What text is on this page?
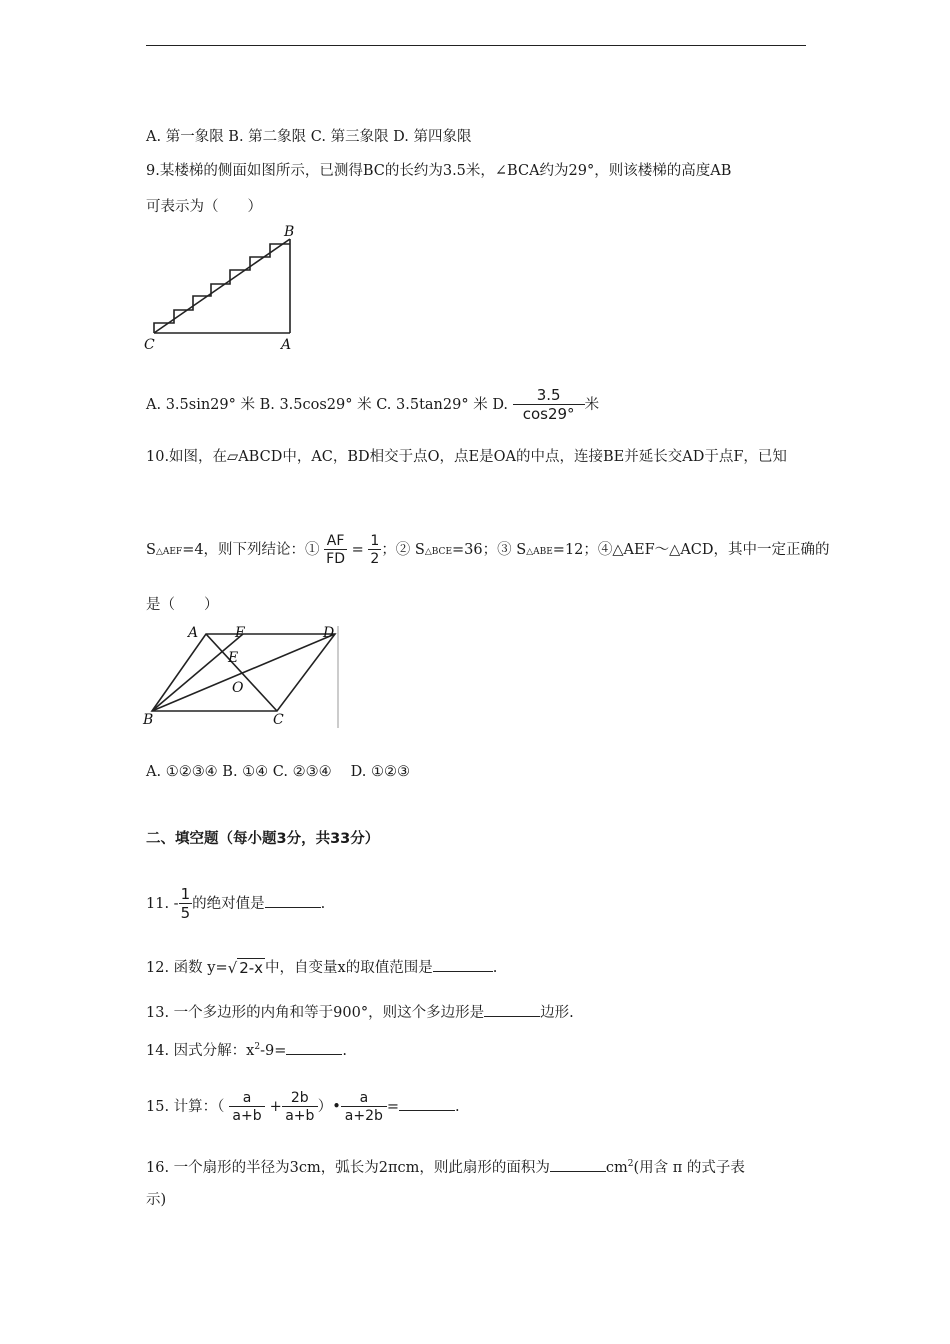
A. 第一象限 B. 第二象限 C. 第三象限 D. 第四象限
9.某楼梯的侧面如图所示，已测得BC的长约为3.5米，∠BCA约为29°，则该楼梯的高度AB
可表示为（　　）
B
C	A
A. 3.5sin29° 米 B. 3.5cos29° 米 C. 3.5tan29° 米 D. $\frac{3.5}{\cos 29^\circ}$ 米
10.如图，在▱ABCD中，AC，BD相交于点O，点E是OA的中点，连接BE并延长交AD于点F，已知
S△AEF=4，则下列结论：① $\frac{AF}{FD} = \frac{1}{2}$ ；② S△BCE=36；③ S△ABE=12；④△AEF～△ACD，其中一定正确的
是（　　）
A	F	D
E
O
B	C
A. ①②③④ B. ①④ C. ②③④　 D. ①②③
二、填空题（每小题3分，共33分）
11. - $\frac{1}{5}$ 的绝对值是	.
12. 函数 y=√ 2-x 中，自变量x的取值范围是	.
13. 一个多边形的内角和等于900°，则这个多边形是	边形.
14. 因式分解：$x^2-9=$	.
15. 计算：（ $\frac{a}{a+b} + \frac{2b}{a+b}$ ）• $\frac{a}{a+2b}$ =	.
16. 一个扇形的半径为3cm，弧长为2πcm，则此扇形的面积为	$cm^2$(用含 π 的式子表
示)
